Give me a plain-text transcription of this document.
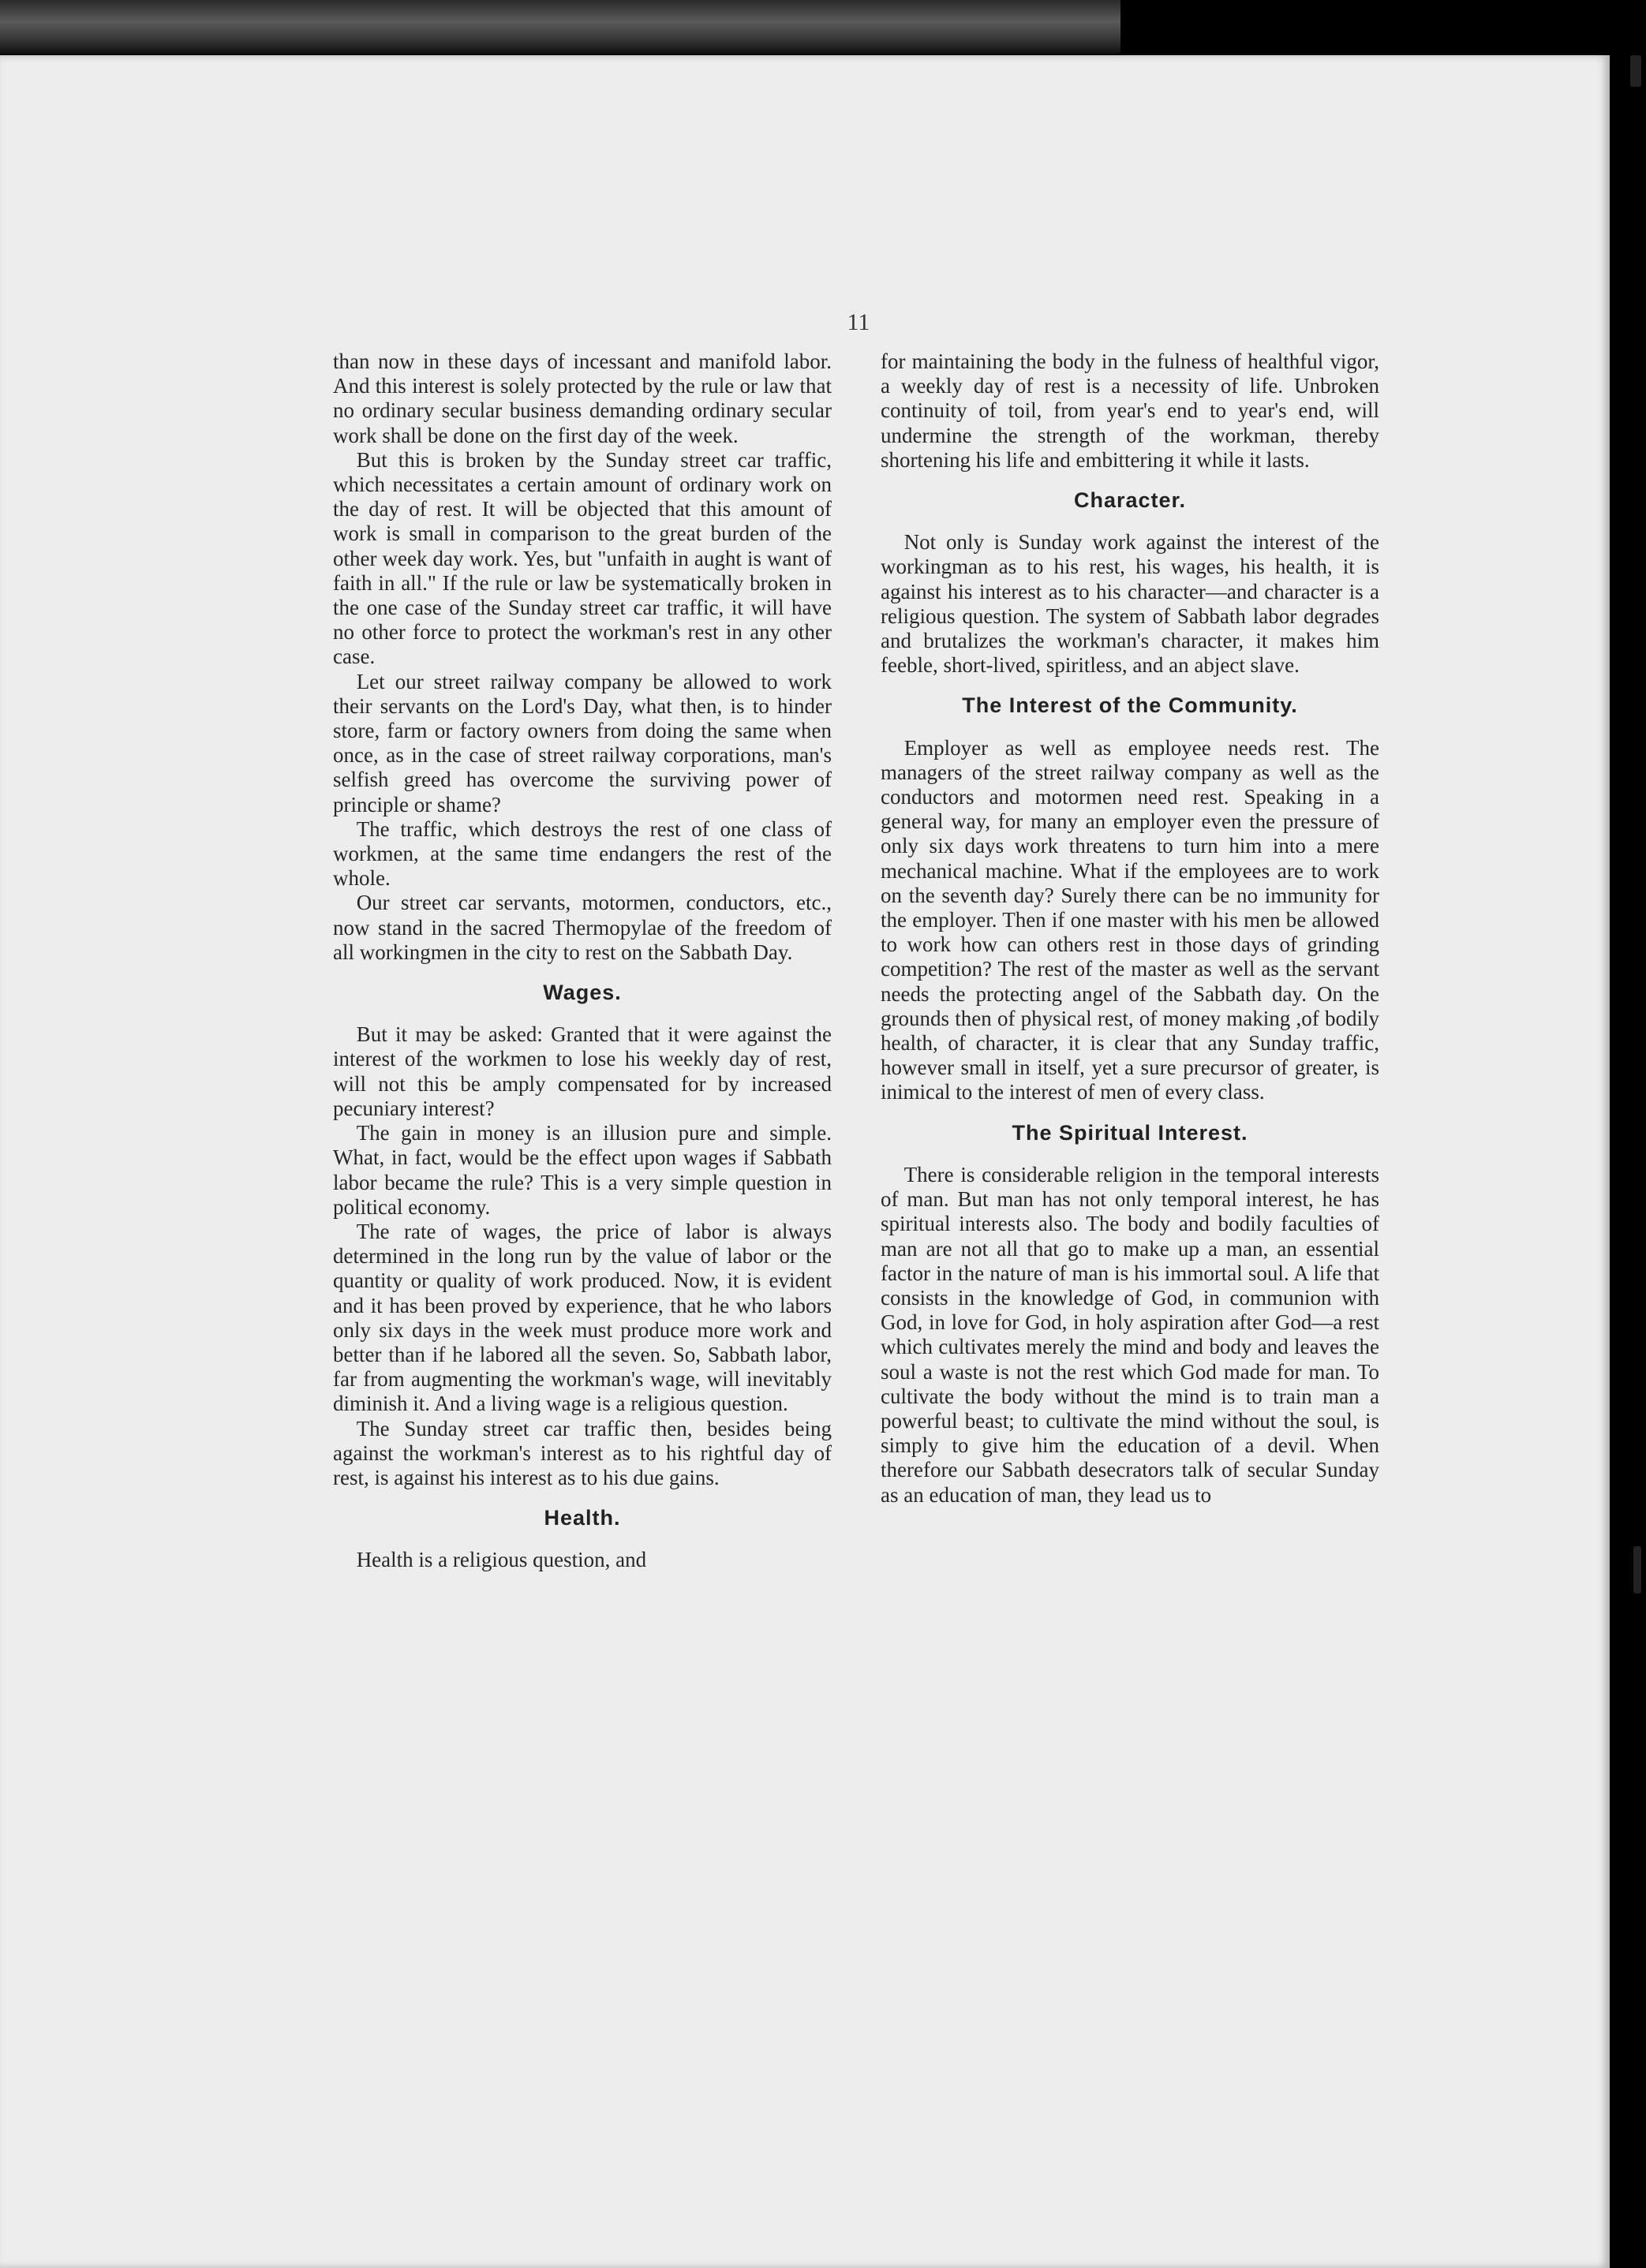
11

than now in these days of incessant and manifold labor. And this interest is solely protected by the rule or law that no ordinary secular business demanding ordinary secular work shall be done on the first day of the week.

But this is broken by the Sunday street car traffic, which necessitates a certain amount of ordinary work on the day of rest. It will be objected that this amount of work is small in comparison to the great burden of the other week day work. Yes, but "unfaith in aught is want of faith in all." If the rule or law be systematically broken in the one case of the Sunday street car traffic, it will have no other force to protect the workman's rest in any other case.

Let our street railway company be allowed to work their servants on the Lord's Day, what then, is to hinder store, farm or factory owners from doing the same when once, as in the case of street railway corporations, man's selfish greed has overcome the surviving power of principle or shame?

The traffic, which destroys the rest of one class of workmen, at the same time endangers the rest of the whole.

Our street car servants, motormen, conductors, etc., now stand in the sacred Thermopylae of the freedom of all workingmen in the city to rest on the Sabbath Day.

Wages.

But it may be asked: Granted that it were against the interest of the workmen to lose his weekly day of rest, will not this be amply compensated for by increased pecuniary interest?

The gain in money is an illusion pure and simple. What, in fact, would be the effect upon wages if Sabbath labor became the rule? This is a very simple question in political economy.

The rate of wages, the price of labor is always determined in the long run by the value of labor or the quantity or quality of work produced. Now, it is evident and it has been proved by experience, that he who labors only six days in the week must produce more work and better than if he labored all the seven. So, Sabbath labor, far from augmenting the workman's wage, will inevitably diminish it. And a living wage is a religious question.

The Sunday street car traffic then, besides being against the workman's interest as to his rightful day of rest, is against his interest as to his due gains.

Health.

Health is a religious question, and

for maintaining the body in the fulness of healthful vigor, a weekly day of rest is a necessity of life. Unbroken continuity of toil, from year's end to year's end, will undermine the strength of the workman, thereby shortening his life and embittering it while it lasts.

Character.

Not only is Sunday work against the interest of the workingman as to his rest, his wages, his health, it is against his interest as to his character—and character is a religious question. The system of Sabbath labor degrades and brutalizes the workman's character, it makes him feeble, short-lived, spiritless, and an abject slave.

The Interest of the Community.

Employer as well as employee needs rest. The managers of the street railway company as well as the conductors and motormen need rest. Speaking in a general way, for many an employer even the pressure of only six days work threatens to turn him into a mere mechanical machine. What if the employees are to work on the seventh day? Surely there can be no immunity for the employer. Then if one master with his men be allowed to work how can others rest in those days of grinding competition? The rest of the master as well as the servant needs the protecting angel of the Sabbath day. On the grounds then of physical rest, of money making ,of bodily health, of character, it is clear that any Sunday traffic, however small in itself, yet a sure precursor of greater, is inimical to the interest of men of every class.

The Spiritual Interest.

There is considerable religion in the temporal interests of man. But man has not only temporal interest, he has spiritual interests also. The body and bodily faculties of man are not all that go to make up a man, an essential factor in the nature of man is his immortal soul. A life that consists in the knowledge of God, in communion with God, in love for God, in holy aspiration after God—a rest which cultivates merely the mind and body and leaves the soul a waste is not the rest which God made for man. To cultivate the body without the mind is to train man a powerful beast; to cultivate the mind without the soul, is simply to give him the education of a devil. When therefore our Sabbath desecrators talk of secular Sunday as an education of man, they lead us to
